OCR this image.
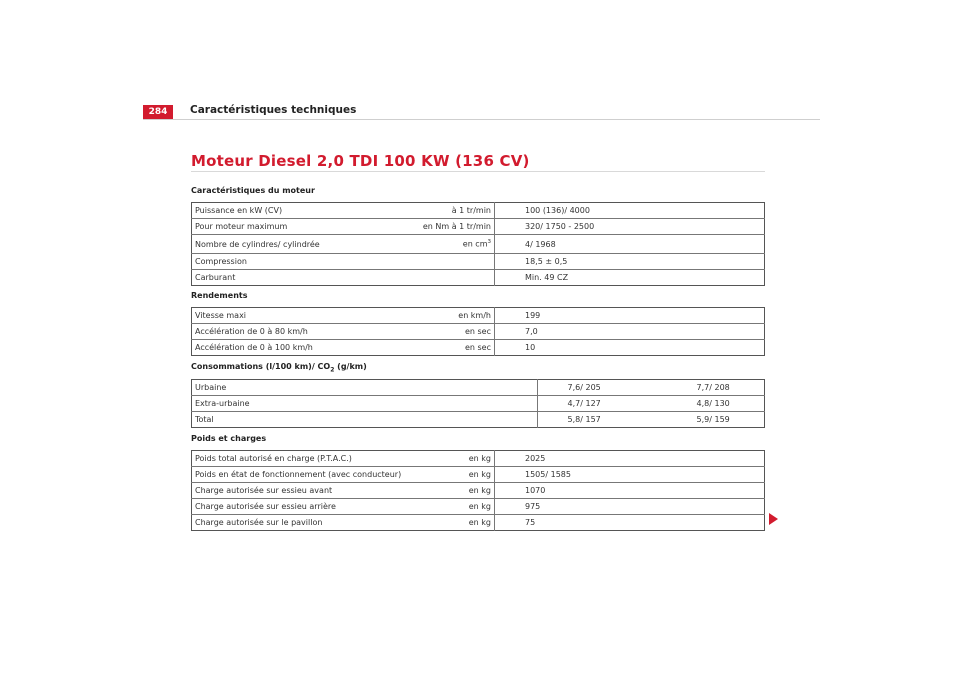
284	Caractéristiques techniques
Moteur Diesel 2,0 TDI 100 KW (136 CV)
Caractéristiques du moteur
Puissance en kW (CV)	à 1 tr/min	100 (136)/ 4000
Pour moteur maximum	en Nm à 1 tr/min	320/ 1750 - 2500
Nombre de cylindres/ cylindrée	en $cm^3$	4/ 1968
Compression		18,5 ± 0,5
Carburant		Min. 49 CZ
Rendements
Vitesse maxi	en km/h	199
Accélération de 0 à 80 km/h	en sec	7,0
Accélération de 0 à 100 km/h	en sec	10
Consommations (l/100 km)/ $CO_2$ (g/km)
Urbaine	7,6/ 205	7,7/ 208
Extra-urbaine	4,7/ 127	4,8/ 130
Total	5,8/ 157	5,9/ 159
Poids et charges
Poids total autorisé en charge (P.T.A.C.)	en kg	2025
Poids en état de fonctionnement (avec conducteur)	en kg	1505/ 1585
Charge autorisée sur essieu avant	en kg	1070
Charge autorisée sur essieu arrière	en kg	975
Charge autorisée sur le pavillon	en kg	75
